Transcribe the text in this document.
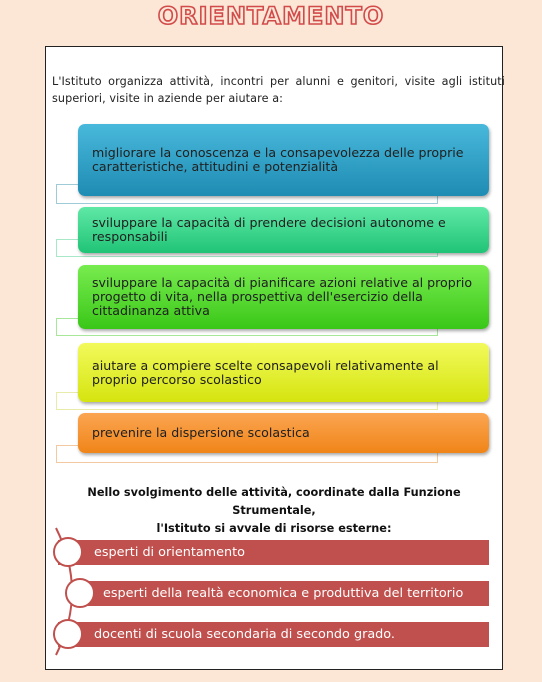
ORIENTAMENTO
L'Istituto organizza attività, incontri per alunni e genitori, visite agli istituti superiori, visite in aziende per aiutare a:
migliorare la conoscenza e la consapevolezza delle proprie caratteristiche, attitudini e potenzialità
sviluppare la capacità di prendere decisioni autonome e responsabili
sviluppare la capacità di pianificare azioni relative al proprio progetto di vita, nella prospettiva dell'esercizio della cittadinanza attiva
aiutare a compiere scelte consapevoli relativamente al proprio percorso scolastico
prevenire la dispersione scolastica
Nello svolgimento delle attività, coordinate dalla Funzione Strumentale,
l'Istituto si avvale di risorse esterne:
esperti di orientamento
esperti della realtà economica e produttiva del territorio
docenti di scuola secondaria di secondo grado.
